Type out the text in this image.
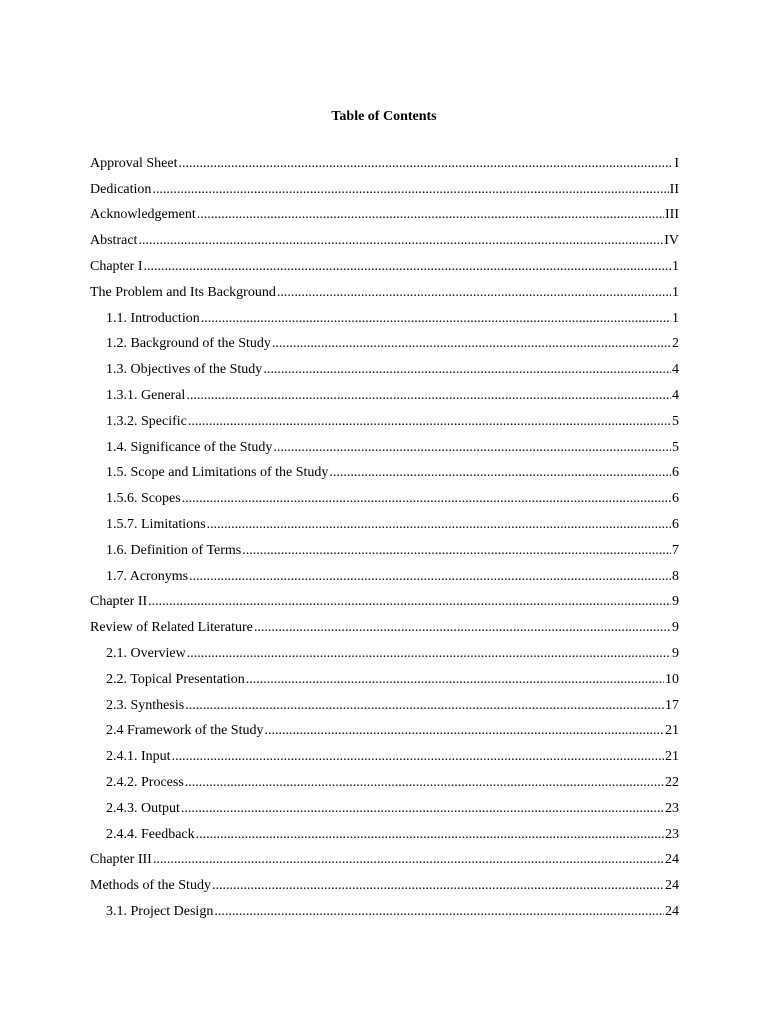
Table of Contents
Approval Sheet .....	I
Dedication .....	II
Acknowledgement .....	III
Abstract .....	IV
Chapter I .....	1
The Problem and Its Background .....	1
1.1. Introduction .....	1
1.2. Background of the Study .....	2
1.3. Objectives of the Study .....	4
1.3.1. General .....	4
1.3.2. Specific .....	5
1.4. Significance of the Study .....	5
1.5. Scope and Limitations of the Study .....	6
1.5.6. Scopes .....	6
1.5.7. Limitations .....	6
1.6. Definition of Terms .....	7
1.7. Acronyms .....	8
Chapter II .....	9
Review of Related Literature .....	9
2.1. Overview .....	9
2.2. Topical Presentation .....	10
2.3. Synthesis .....	17
2.4 Framework of the Study .....	21
2.4.1. Input .....	21
2.4.2. Process .....	22
2.4.3. Output .....	23
2.4.4. Feedback .....	23
Chapter III .....	24
Methods of the Study .....	24
3.1. Project Design .....	24
